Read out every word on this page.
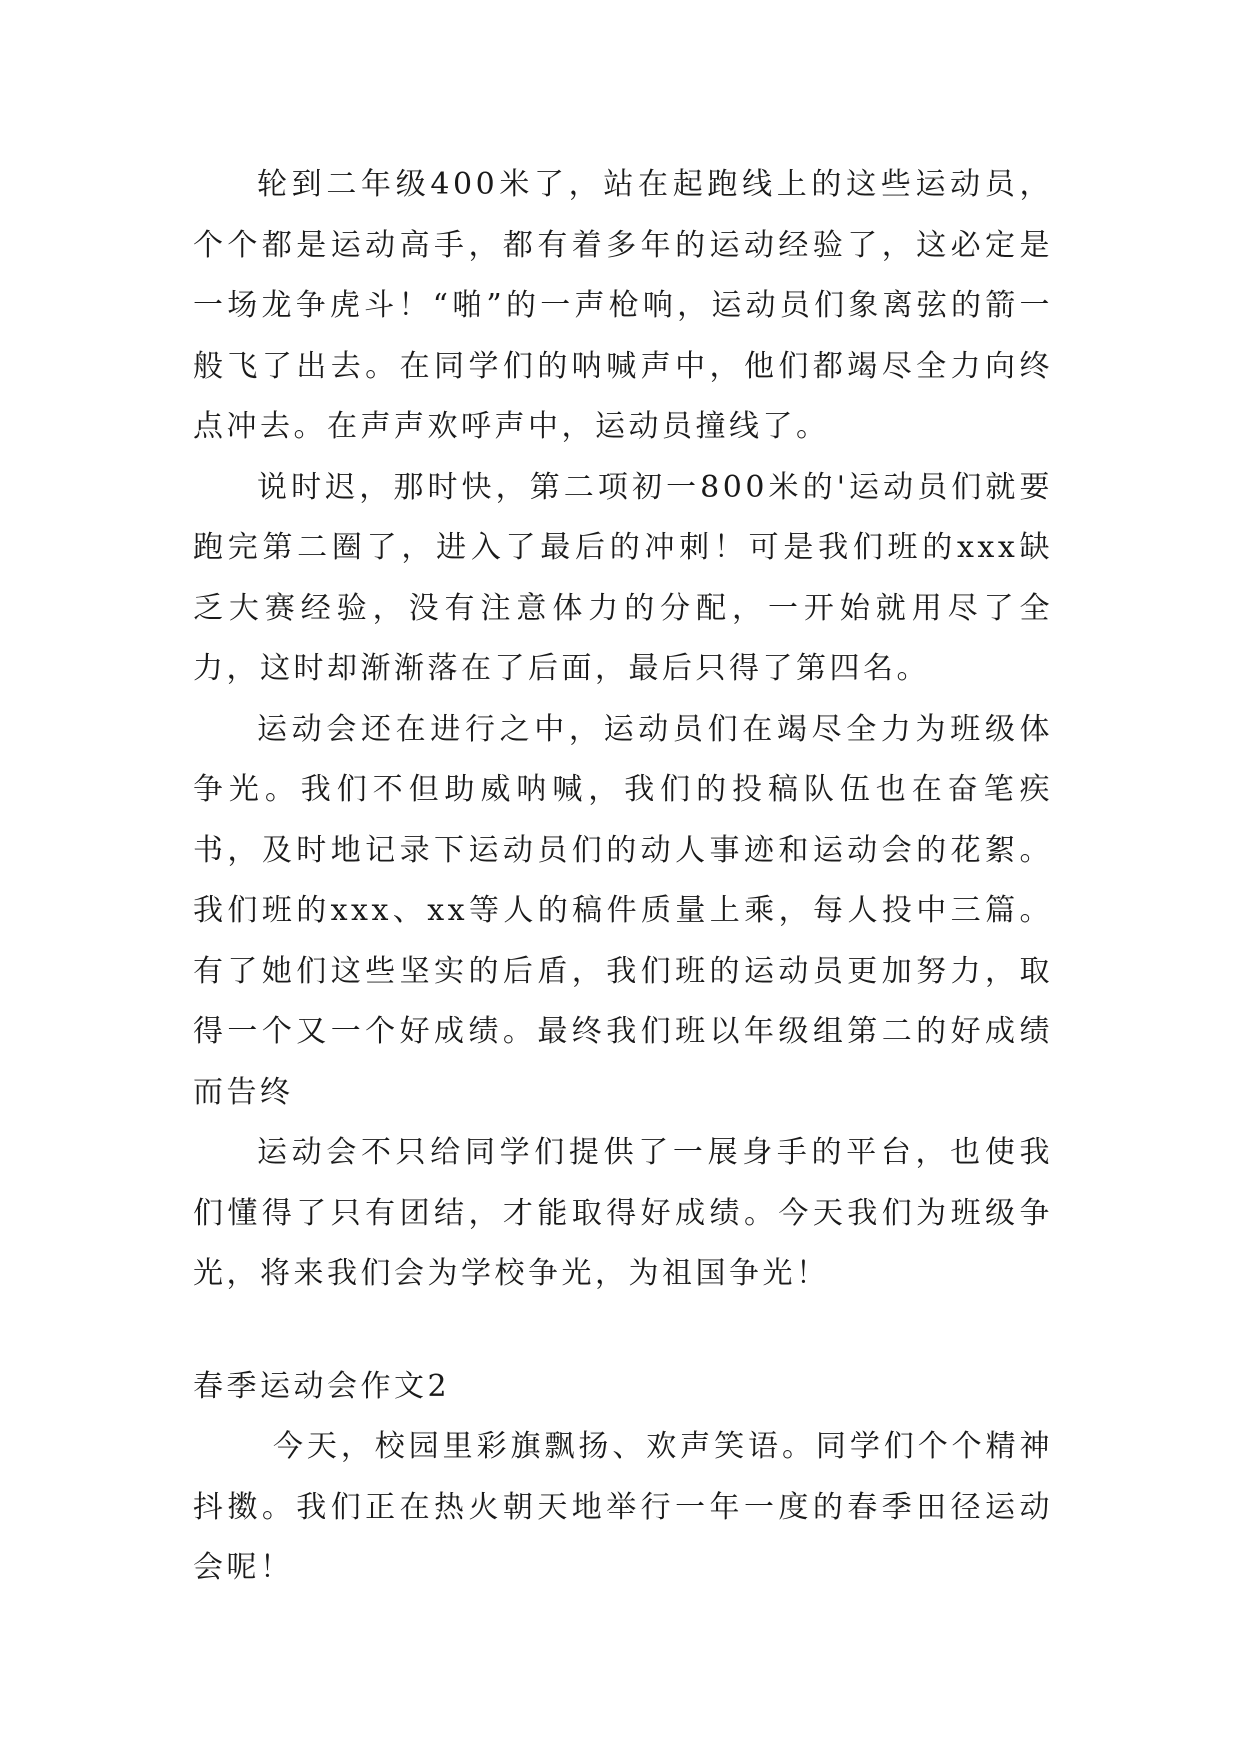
轮到二年级400米了，站在起跑线上的这些运动员，个个都是运动高手，都有着多年的运动经验了，这必定是一场龙争虎斗！“啪”的一声枪响，运动员们象离弦的箭一般飞了出去。在同学们的呐喊声中，他们都竭尽全力向终点冲去。在声声欢呼声中，运动员撞线了。

说时迟，那时快，第二项初一800米的'运动员们就要跑完第二圈了，进入了最后的冲刺！可是我们班的xxx缺乏大赛经验，没有注意体力的分配，一开始就用尽了全力，这时却渐渐落在了后面，最后只得了第四名。

运动会还在进行之中，运动员们在竭尽全力为班级体争光。我们不但助威呐喊，我们的投稿队伍也在奋笔疾书，及时地记录下运动员们的动人事迹和运动会的花絮。我们班的xxx、xx等人的稿件质量上乘，每人投中三篇。有了她们这些坚实的后盾，我们班的运动员更加努力，取得一个又一个好成绩。最终我们班以年级组第二的好成绩而告终

运动会不只给同学们提供了一展身手的平台，也使我们懂得了只有团结，才能取得好成绩。今天我们为班级争光，将来我们会为学校争光，为祖国争光！

春季运动会作文2

今天，校园里彩旗飘扬、欢声笑语。同学们个个精神抖擞。我们正在热火朝天地举行一年一度的春季田径运动会呢！
